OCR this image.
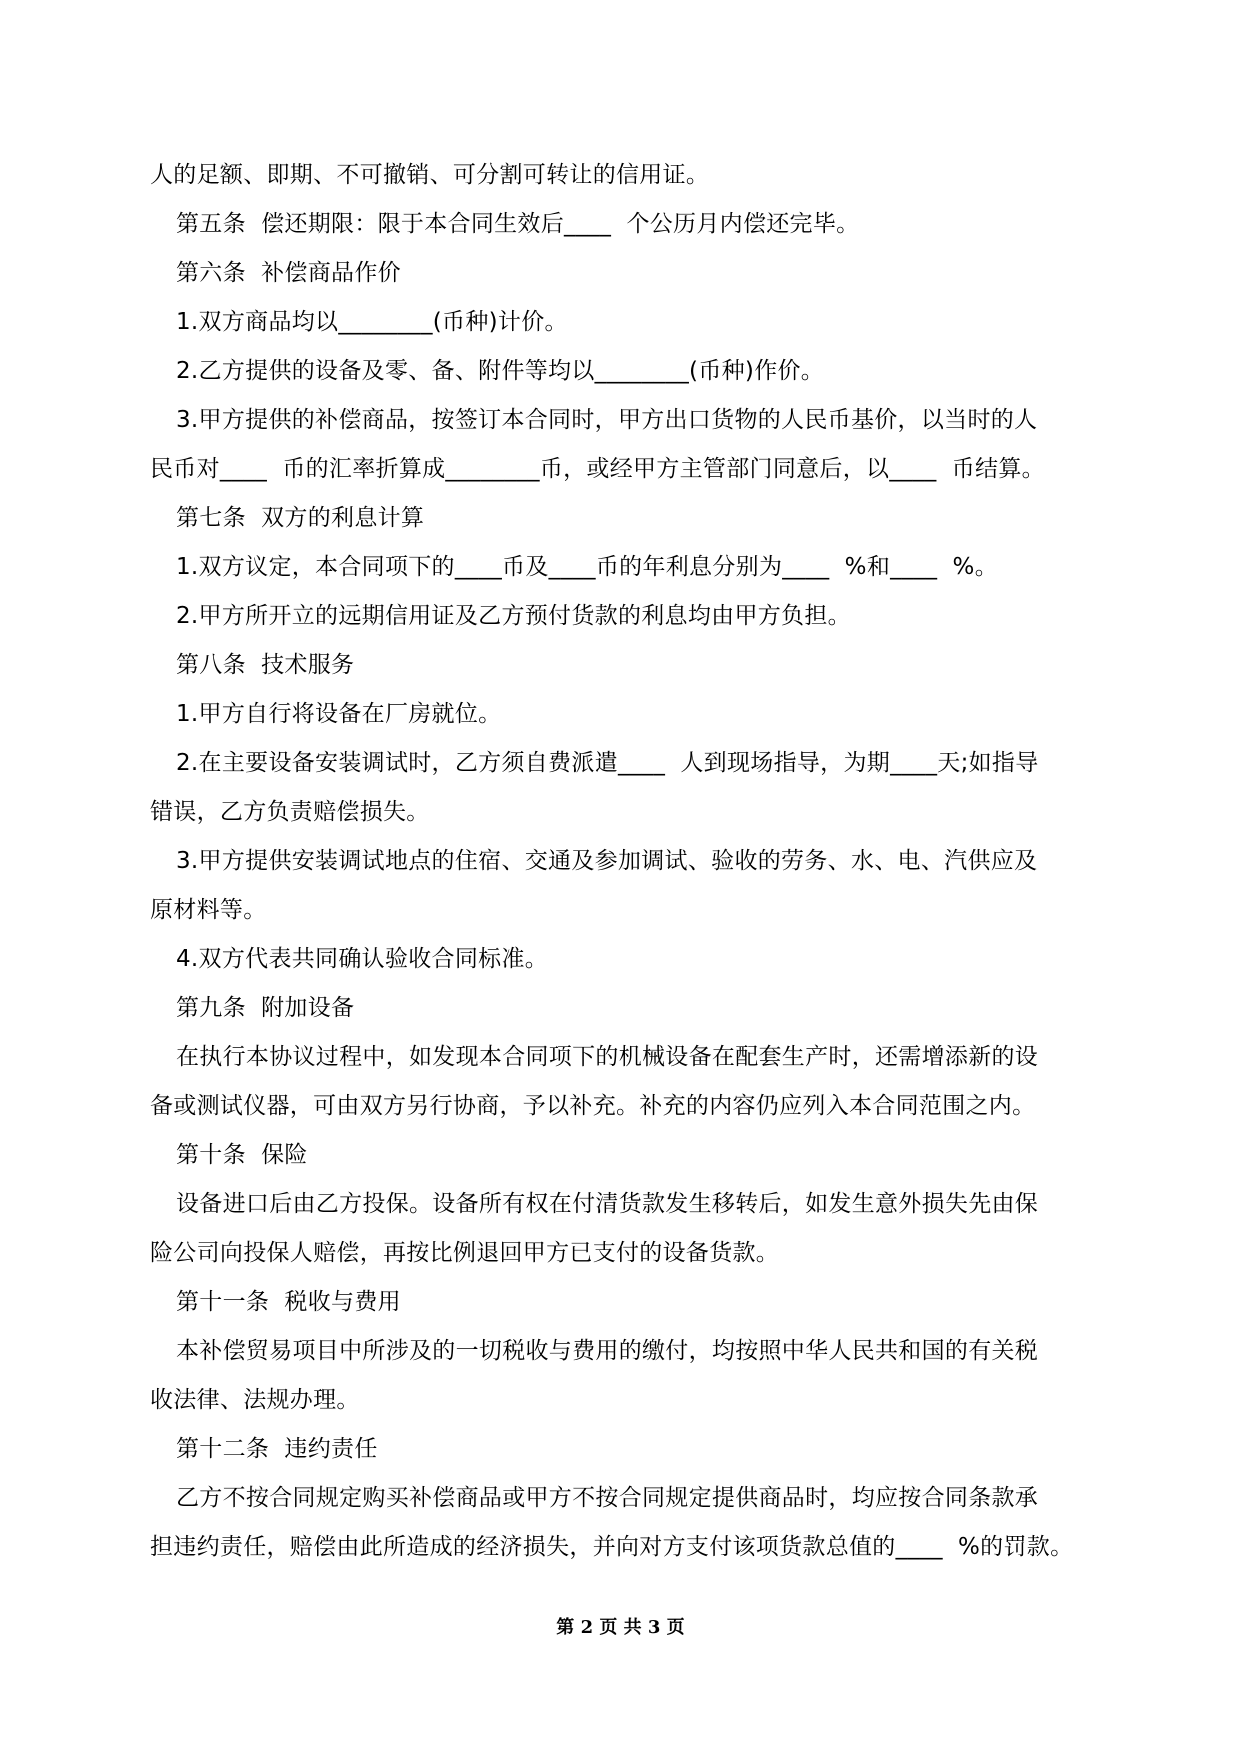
人的足额、即期、不可撤销、可分割可转让的信用证。
第五条  偿还期限：限于本合同生效后____  个公历月内偿还完毕。
第六条  补偿商品作价
1.双方商品均以________(币种)计价。
2.乙方提供的设备及零、备、附件等均以________(币种)作价。
3.甲方提供的补偿商品，按签订本合同时，甲方出口货物的人民币基价，以当时的人
民币对____  币的汇率折算成________币，或经甲方主管部门同意后，以____  币结算。
第七条  双方的利息计算
1.双方议定，本合同项下的____币及____币的年利息分别为____  %和____  %。
2.甲方所开立的远期信用证及乙方预付货款的利息均由甲方负担。
第八条  技术服务
1.甲方自行将设备在厂房就位。
2.在主要设备安装调试时，乙方须自费派遣____  人到现场指导，为期____天;如指导
错误，乙方负责赔偿损失。
3.甲方提供安装调试地点的住宿、交通及参加调试、验收的劳务、水、电、汽供应及
原材料等。
4.双方代表共同确认验收合同标准。
第九条  附加设备
在执行本协议过程中，如发现本合同项下的机械设备在配套生产时，还需增添新的设
备或测试仪器，可由双方另行协商，予以补充。补充的内容仍应列入本合同范围之内。
第十条  保险
设备进口后由乙方投保。设备所有权在付清货款发生移转后，如发生意外损失先由保
险公司向投保人赔偿，再按比例退回甲方已支付的设备货款。
第十一条  税收与费用
本补偿贸易项目中所涉及的一切税收与费用的缴付，均按照中华人民共和国的有关税
收法律、法规办理。
第十二条  违约责任
乙方不按合同规定购买补偿商品或甲方不按合同规定提供商品时，均应按合同条款承
担违约责任，赔偿由此所造成的经济损失，并向对方支付该项货款总值的____  %的罚款。
第 2 页 共 3 页
